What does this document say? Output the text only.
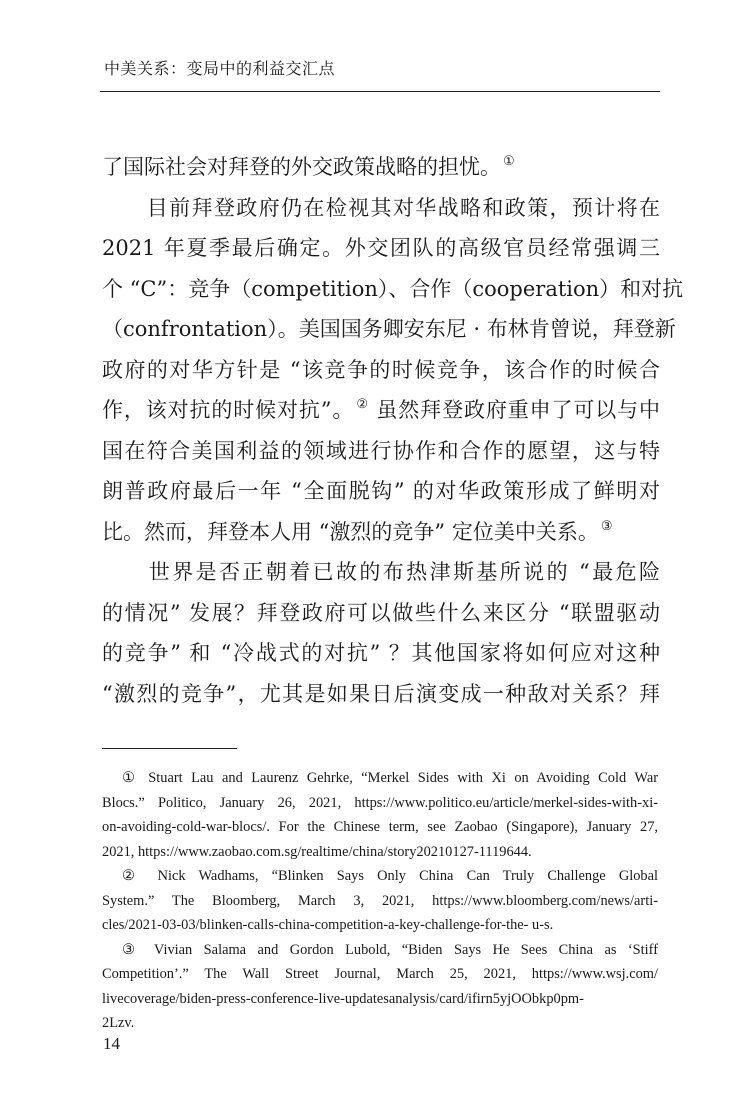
中美关系：变局中的利益交汇点
了国际社会对拜登的外交政策战略的担忧。 ①
　　目前拜登政府仍在检视其对华战略和政策，预计将在
2021 年夏季最后确定。外交团队的高级官员经常强调三
个 “C”：竞争（competition）、合作（cooperation）和对抗
（confrontation）。美国国务卿安东尼 · 布林肯曾说，拜登新
政府的对华方针是 “该竞争的时候竞争，该合作的时候合
作，该对抗的时候对抗”。 ② 虽然拜登政府重申了可以与中
国在符合美国利益的领域进行协作和合作的愿望，这与特
朗普政府最后一年 “全面脱钩” 的对华政策形成了鲜明对
比。然而，拜登本人用 “激烈的竞争” 定位美中关系。 ③
　　世界是否正朝着已故的布热津斯基所说的 “最危险
的情况” 发展？拜登政府可以做些什么来区分 “联盟驱动
的竞争” 和 “冷战式的对抗” ？其他国家将如何应对这种
“激烈的竞争”，尤其是如果日后演变成一种敌对关系？拜
① Stuart Lau and Laurenz Gehrke, “Merkel Sides with Xi on Avoiding Cold War
Blocs.” Politico, January 26, 2021, https://www.politico.eu/article/merkel-sides-with-xi-
on-avoiding-cold-war-blocs/. For the Chinese term, see Zaobao (Singapore), January 27,
2021, https://www.zaobao.com.sg/realtime/china/story20210127-1119644.
② Nick Wadhams, “Blinken Says Only China Can Truly Challenge Global
System.” The Bloomberg, March 3, 2021, https://www.bloomberg.com/news/arti-
cles/2021-03-03/blinken-calls-china-competition-a-key-challenge-for-the- u-s.
③ Vivian Salama and Gordon Lubold, “Biden Says He Sees China as ‘Stiff
Competition’.” The Wall Street Journal, March 25, 2021, https://www.wsj.com/
livecoverage/biden-press-conference-live-updatesanalysis/card/ifirn5yjOObkp0pm-
2Lzv.
14
